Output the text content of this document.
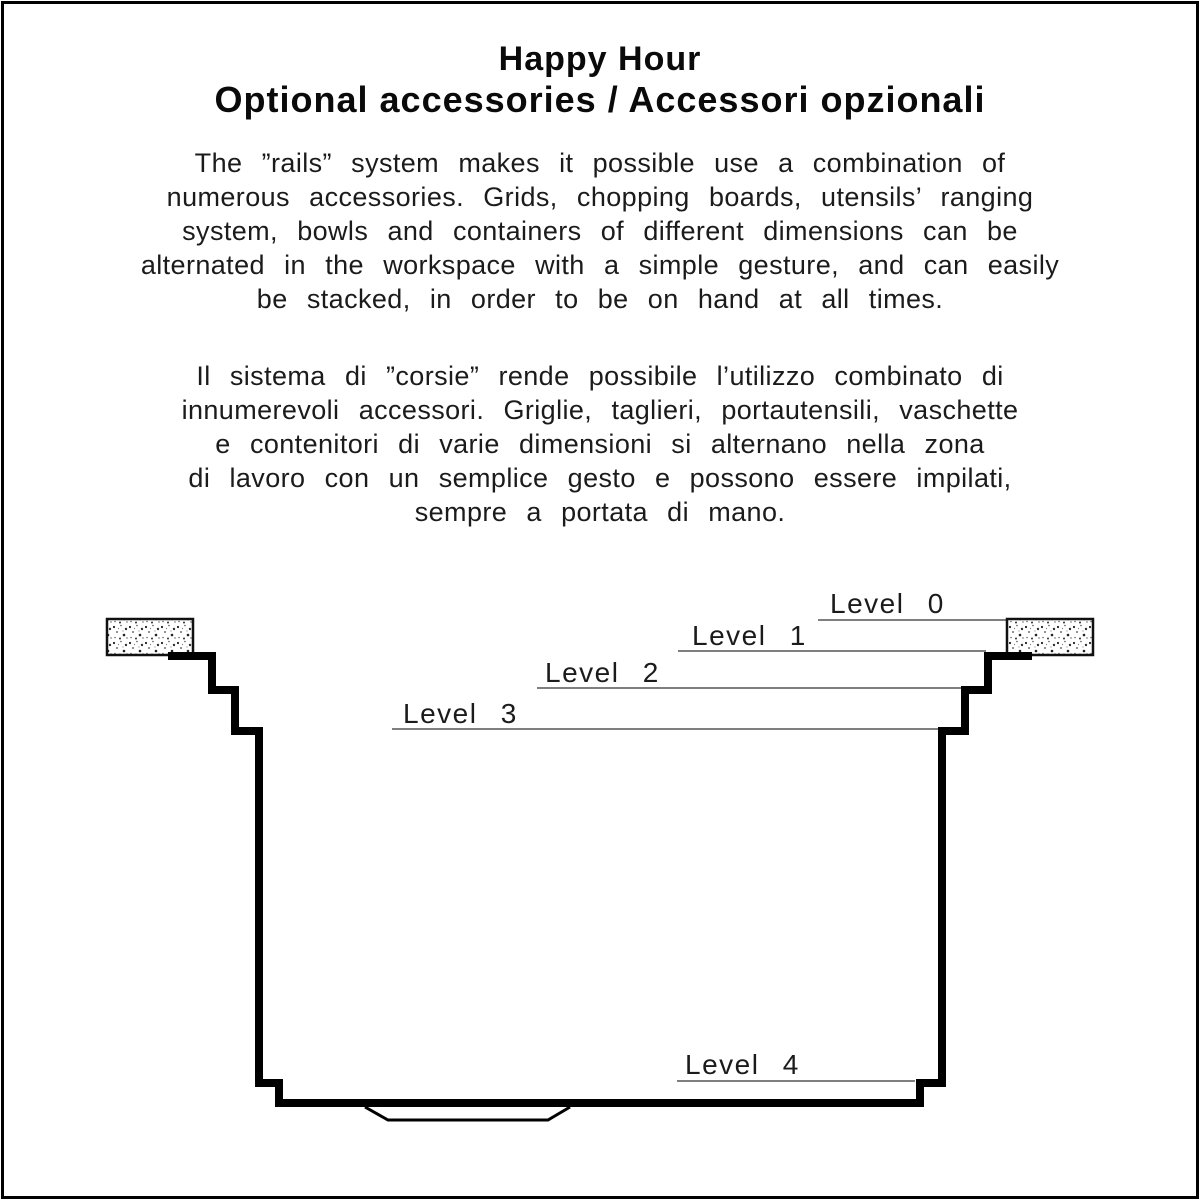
Happy Hour
Optional accessories / Accessori opzionali
The ”rails” system makes it possible use a combination of
numerous accessories. Grids, chopping boards, utensils’ ranging
system, bowls and containers of different dimensions can be
alternated in the workspace with a simple gesture, and can easily
be stacked, in order to be on hand at all times.
Il sistema di ”corsie” rende possibile l’utilizzo combinato di
innumerevoli accessori. Griglie, taglieri, portautensili, vaschette
e contenitori di varie dimensioni si alternano nella zona
di lavoro con un semplice gesto e possono essere impilati,
sempre a portata di mano.
Level 0
Level 1
Level 2
Level 3
Level 4
